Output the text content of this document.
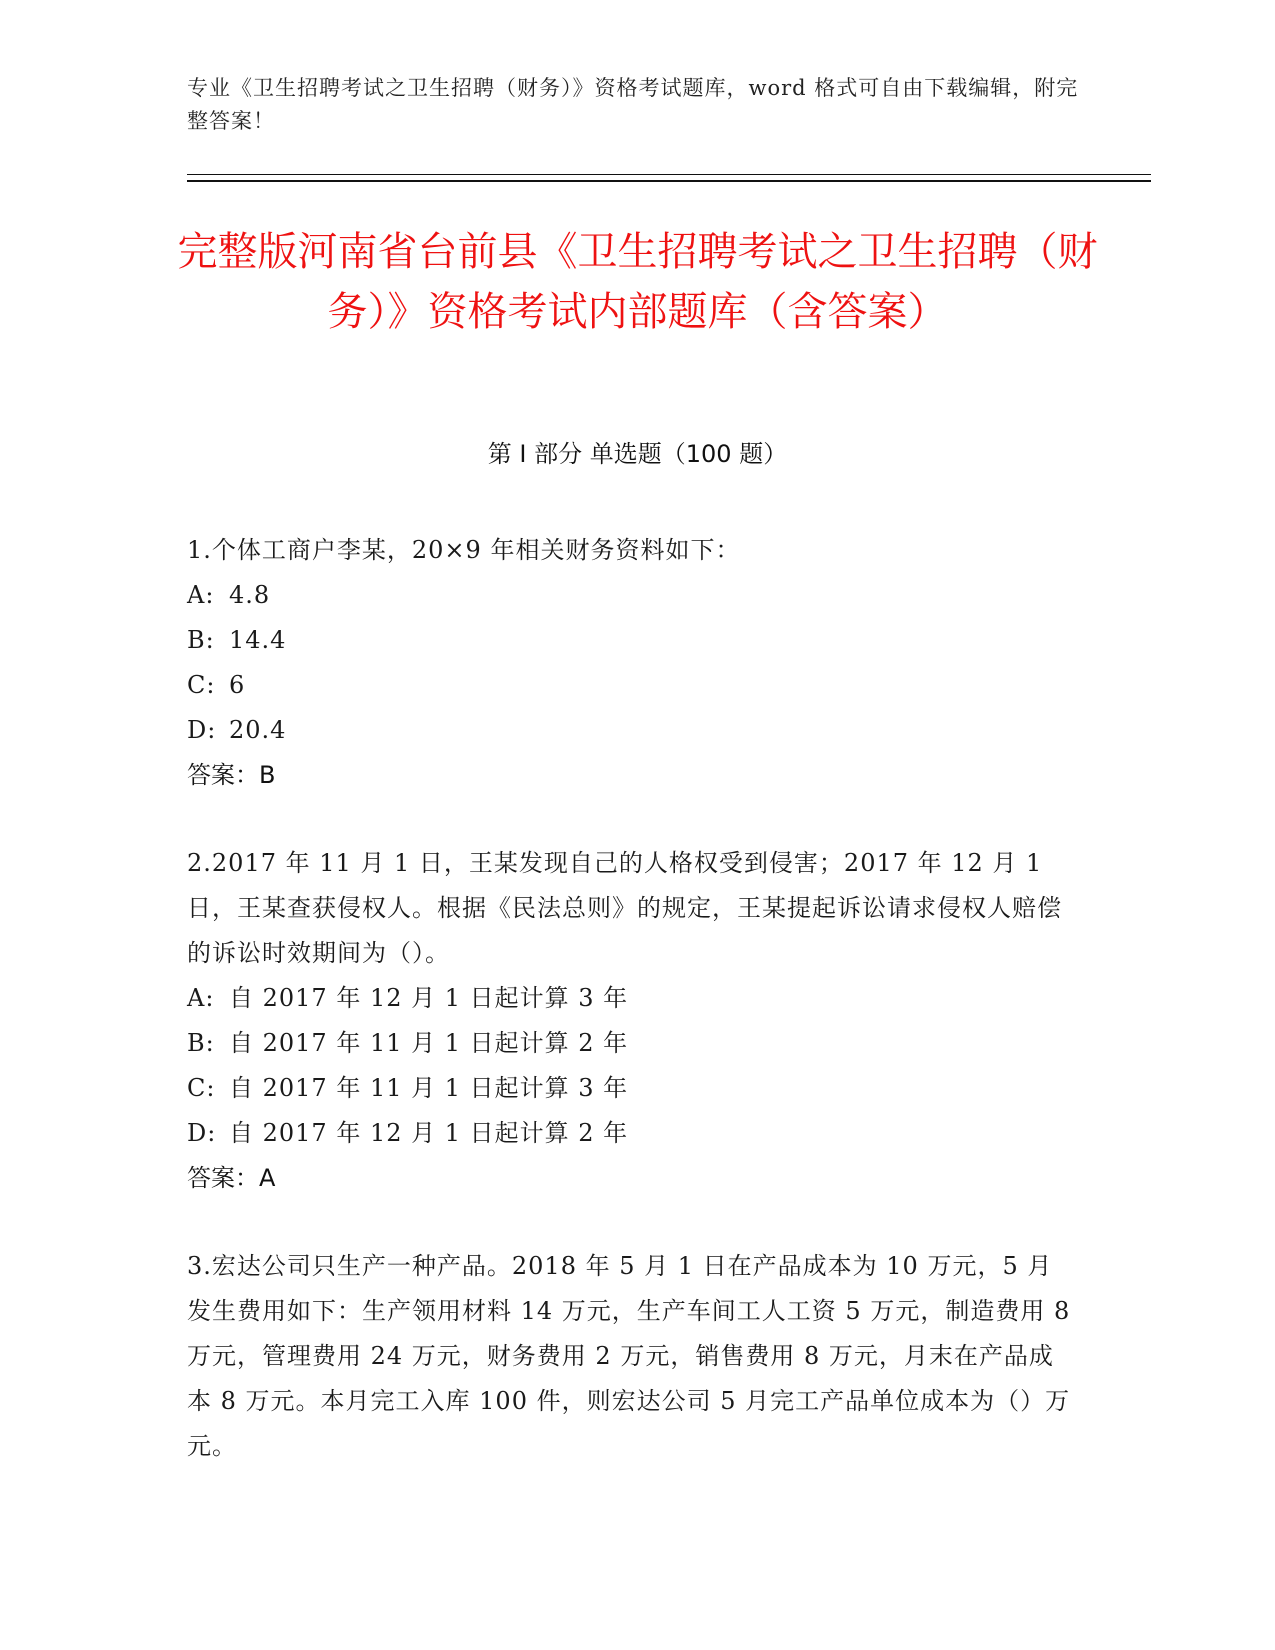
专业《卫生招聘考试之卫生招聘（财务）》资格考试题库，word 格式可自由下载编辑，附完整答案！
完整版河南省台前县《卫生招聘考试之卫生招聘（财务）》资格考试内部题库（含答案）
第 I 部分 单选题（100 题）

1.个体工商户李某，20×9 年相关财务资料如下：

A: 4.8

B: 14.4

C: 6

D: 20.4

答案：B

2.2017 年 11 月 1 日，王某发现自己的人格权受到侵害；2017 年 12 月 1 日，王某查获侵权人。根据《民法总则》的规定，王某提起诉讼请求侵权人赔偿的诉讼时效期间为（）。

A: 自 2017 年 12 月 1 日起计算 3 年

B: 自 2017 年 11 月 1 日起计算 2 年

C: 自 2017 年 11 月 1 日起计算 3 年

D: 自 2017 年 12 月 1 日起计算 2 年

答案：A

3.宏达公司只生产一种产品。2018 年 5 月 1 日在产品成本为 10 万元，5 月发生费用如下：生产领用材料 14 万元，生产车间工人工资 5 万元，制造费用 8 万元，管理费用 24 万元，财务费用 2 万元，销售费用 8 万元，月末在产品成本 8 万元。本月完工入库 100 件，则宏达公司 5 月完工产品单位成本为（）万元。
